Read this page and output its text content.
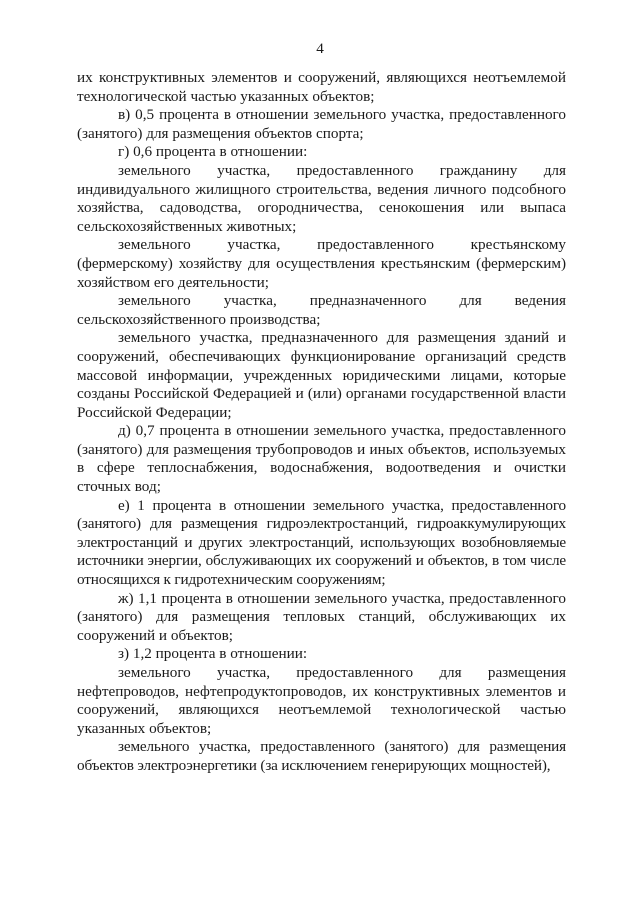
4

их конструктивных элементов и сооружений, являющихся неотъемлемой технологической частью указанных объектов;

в) 0,5 процента в отношении земельного участка, предоставленного (занятого) для размещения объектов спорта;

г) 0,6 процента в отношении:

земельного участка, предоставленного гражданину для индивидуального жилищного строительства, ведения личного подсобного хозяйства, садоводства, огородничества, сенокошения или выпаса сельскохозяйственных животных;

земельного участка, предоставленного крестьянскому (фермерскому) хозяйству для осуществления крестьянским (фермерским) хозяйством его деятельности;

земельного участка, предназначенного для ведения сельскохозяйственного производства;

земельного участка, предназначенного для размещения зданий и сооружений, обеспечивающих функционирование организаций средств массовой информации, учрежденных юридическими лицами, которые созданы Российской Федерацией и (или) органами государственной власти Российской Федерации;

д) 0,7 процента в отношении земельного участка, предоставленного (занятого) для размещения трубопроводов и иных объектов, используемых в сфере теплоснабжения, водоснабжения, водоотведения и очистки сточных вод;

е) 1 процента в отношении земельного участка, предоставленного (занятого) для размещения гидроэлектростанций, гидроаккумулирующих электростанций и других электростанций, использующих возобновляемые источники энергии, обслуживающих их сооружений и объектов, в том числе относящихся к гидротехническим сооружениям;

ж) 1,1 процента в отношении земельного участка, предоставленного (занятого) для размещения тепловых станций, обслуживающих их сооружений и объектов;

з) 1,2 процента в отношении:

земельного участка, предоставленного для размещения нефтепроводов, нефтепродуктопроводов, их конструктивных элементов и сооружений, являющихся неотъемлемой технологической частью указанных объектов;

земельного участка, предоставленного (занятого) для размещения объектов электроэнергетики (за исключением генерирующих мощностей),
